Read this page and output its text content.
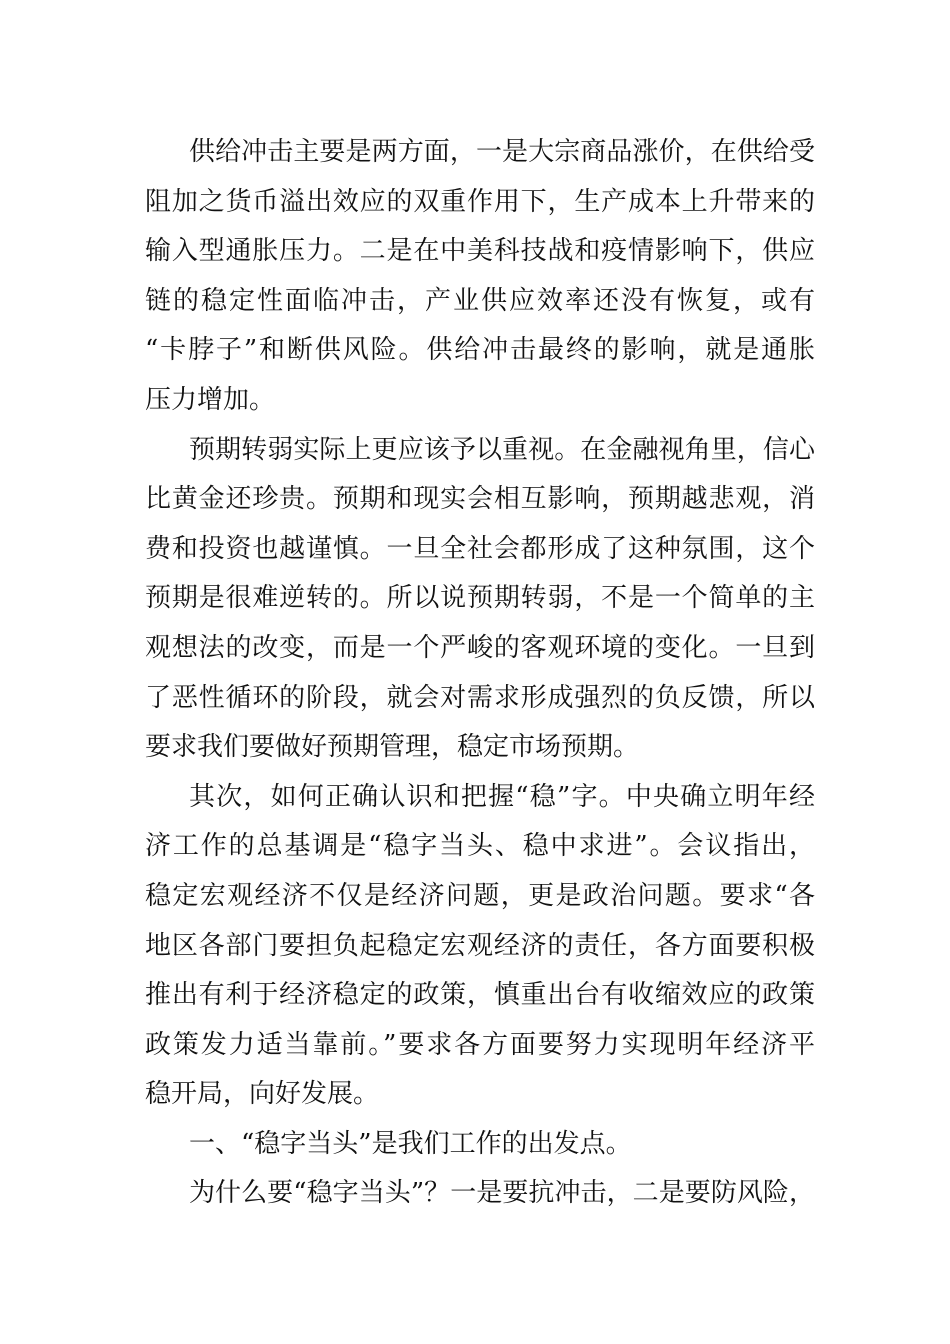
供给冲击主要是两方面，一是大宗商品涨价，在供给受
阻加之货币溢出效应的双重作用下，生产成本上升带来的
输入型通胀压力。二是在中美科技战和疫情影响下，供应
链的稳定性面临冲击，产业供应效率还没有恢复，或有
“卡脖子”和断供风险。供给冲击最终的影响，就是通胀
压力增加。
预期转弱实际上更应该予以重视。在金融视角里，信心
比黄金还珍贵。预期和现实会相互影响，预期越悲观，消
费和投资也越谨慎。一旦全社会都形成了这种氛围，这个
预期是很难逆转的。所以说预期转弱，不是一个简单的主
观想法的改变，而是一个严峻的客观环境的变化。一旦到
了恶性循环的阶段，就会对需求形成强烈的负反馈，所以
要求我们要做好预期管理，稳定市场预期。
其次，如何正确认识和把握“稳”字。中央确立明年经
济工作的总基调是“稳字当头、稳中求进”。会议指出，
稳定宏观经济不仅是经济问题，更是政治问题。要求“各
地区各部门要担负起稳定宏观经济的责任，各方面要积极
推出有利于经济稳定的政策，慎重出台有收缩效应的政策
政策发力适当靠前。”要求各方面要努力实现明年经济平
稳开局，向好发展。
一、“稳字当头”是我们工作的出发点。
为什么要“稳字当头”？一是要抗冲击，二是要防风险，
